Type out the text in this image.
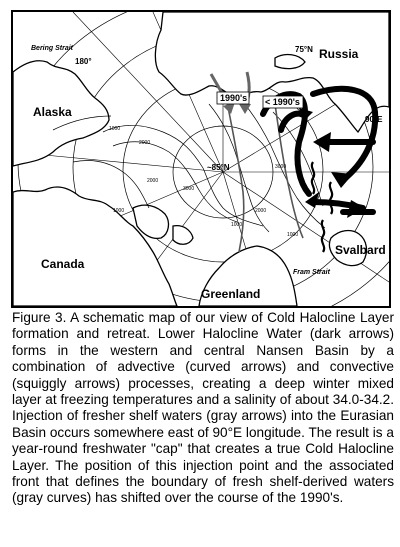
Russia
Alaska
Canada
Greenland
Svalbard
Bering Strait
Fram Strait
75°N
~85°N
90°E
180°
1990's < 1990's
1000
2000
3000
1000
2000
1000
2000
3000
1000
Figure 3. A schematic map of our view of Cold Halocline Layer formation and retreat. Lower Halocline Water (dark arrows) forms in the western and central Nansen Basin by a combination of advective (curved arrows) and convective (squiggly arrows) processes, creating a deep winter mixed layer at freezing temperatures and a salinity of about 34.0-34.2. Injection of fresher shelf waters (gray arrows) into the Eurasian Basin occurs somewhere east of 90°E longitude. The result is a year-round freshwater "cap" that creates a true Cold Halocline Layer. The position of this injection point and the associated front that defines the boundary of fresh shelf-derived waters (gray curves) has shifted over the course of the 1990's.
